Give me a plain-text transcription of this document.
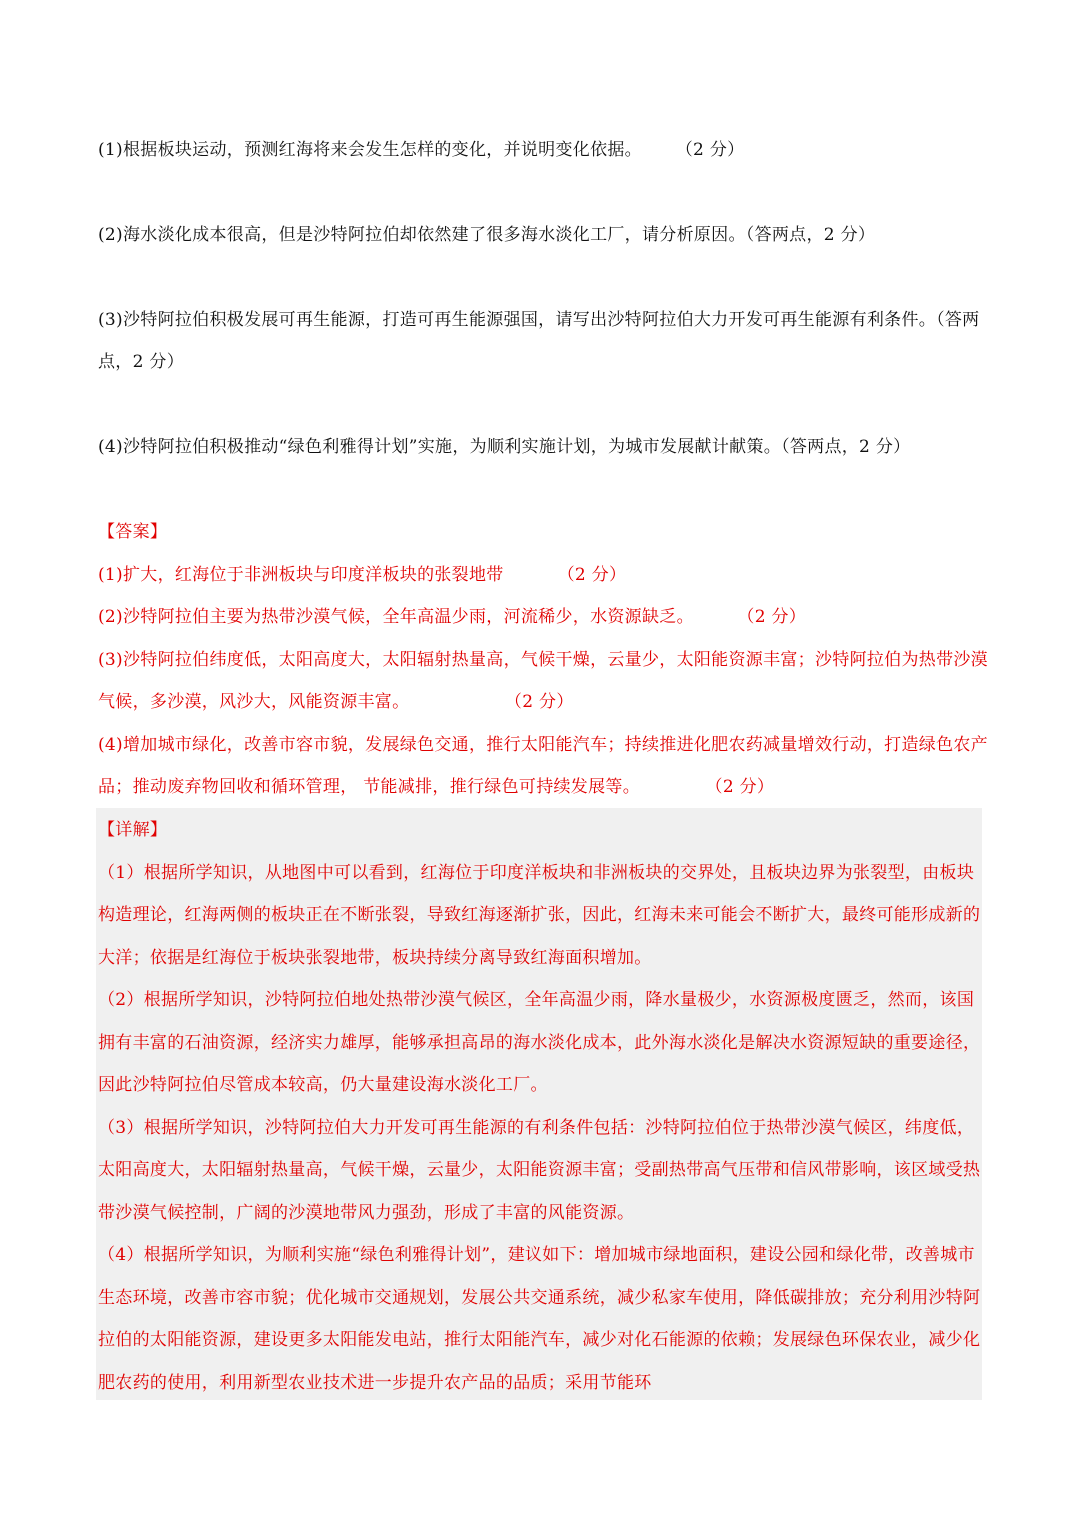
(1)根据板块运动，预测红海将来会发生怎样的变化，并说明变化依据。 （2 分）
(2)海水淡化成本很高，但是沙特阿拉伯却依然建了很多海水淡化工厂，请分析原因。（答两点，2 分）
(3)沙特阿拉伯积极发展可再生能源，打造可再生能源强国，请写出沙特阿拉伯大力开发可再生能源有利条件。（答两点，2 分）
(4)沙特阿拉伯积极推动“绿色利雅得计划”实施，为顺利实施计划，为城市发展献计献策。（答两点，2 分）

【答案】

(1)扩大，红海位于非洲板块与印度洋板块的张裂地带	（2 分）

(2)沙特阿拉伯主要为热带沙漠气候，全年高温少雨，河流稀少，水资源缺乏。	（2 分）

(3)沙特阿拉伯纬度低，太阳高度大，太阳辐射热量高，气候干燥，云量少，太阳能资源丰富；沙特阿拉伯为热带沙漠气候，多沙漠，风沙大，风能资源丰富。	（2 分）

(4)增加城市绿化，改善市容市貌，发展绿色交通，推行太阳能汽车；持续推进化肥农药减量增效行动，打造绿色农产品；推动废弃物回收和循环管理， 节能减排，推行绿色可持续发展等。	（2 分）

【详解】

（1）根据所学知识，从地图中可以看到，红海位于印度洋板块和非洲板块的交界处，且板块边界为张裂型，由板块构造理论，红海两侧的板块正在不断张裂，导致红海逐渐扩张，因此，红海未来可能会不断扩大，最终可能形成新的大洋；依据是红海位于板块张裂地带，板块持续分离导致红海面积增加。

（2）根据所学知识，沙特阿拉伯地处热带沙漠气候区，全年高温少雨，降水量极少，水资源极度匮乏，然而，该国拥有丰富的石油资源，经济实力雄厚，能够承担高昂的海水淡化成本，此外海水淡化是解决水资源短缺的重要途径，因此沙特阿拉伯尽管成本较高，仍大量建设海水淡化工厂。

（3）根据所学知识，沙特阿拉伯大力开发可再生能源的有利条件包括：沙特阿拉伯位于热带沙漠气候区，纬度低，太阳高度大，太阳辐射热量高，气候干燥，云量少，太阳能资源丰富；受副热带高气压带和信风带影响，该区域受热带沙漠气候控制，广阔的沙漠地带风力强劲，形成了丰富的风能资源。

（4）根据所学知识，为顺利实施“绿色利雅得计划”，建议如下：增加城市绿地面积，建设公园和绿化带，改善城市生态环境，改善市容市貌；优化城市交通规划，发展公共交通系统，减少私家车使用，降低碳排放；充分利用沙特阿拉伯的太阳能资源，建设更多太阳能发电站，推行太阳能汽车，减少对化石能源的依赖；发展绿色环保农业，减少化肥农药的使用，利用新型农业技术进一步提升农产品的品质；采用节能环
